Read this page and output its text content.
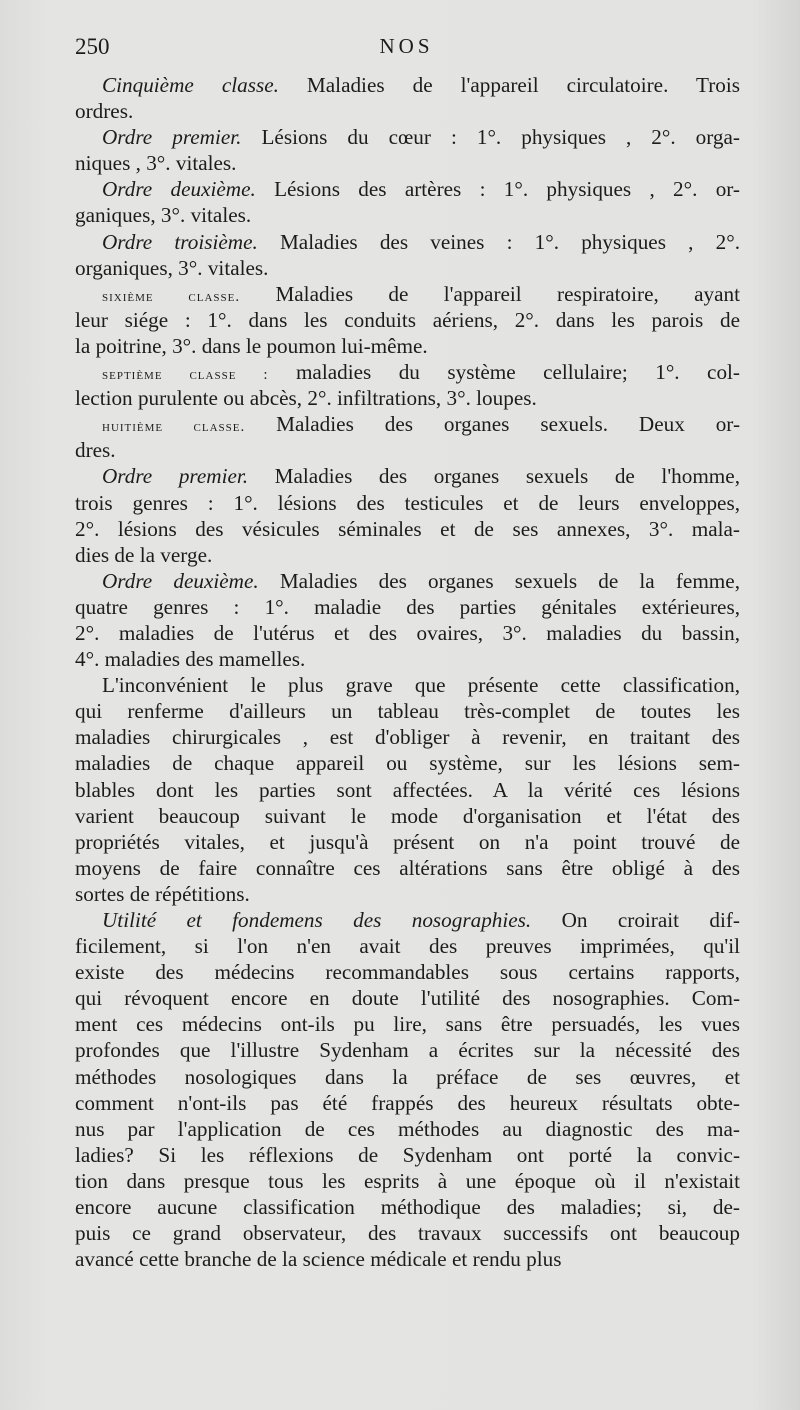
250	NOS
Cinquième classe. Maladies de l'appareil circulatoire. Trois
ordres.
Ordre premier. Lésions du cœur : 1°. physiques , 2°. orga-
niques , 3°. vitales.
Ordre deuxième. Lésions des artères : 1°. physiques , 2°. or-
ganiques, 3°. vitales.
Ordre troisième. Maladies des veines : 1°. physiques , 2°.
organiques, 3°. vitales.
sixième classe. Maladies de l'appareil respiratoire, ayant
leur siége : 1°. dans les conduits aériens, 2°. dans les parois de
la poitrine, 3°. dans le poumon lui-même.
septième classe : maladies du système cellulaire; 1°. col-
lection purulente ou abcès, 2°. infiltrations, 3°. loupes.
huitième classe. Maladies des organes sexuels. Deux or-
dres.
Ordre premier. Maladies des organes sexuels de l'homme,
trois genres : 1°. lésions des testicules et de leurs enveloppes,
2°. lésions des vésicules séminales et de ses annexes, 3°. mala-
dies de la verge.
Ordre deuxième. Maladies des organes sexuels de la femme,
quatre genres : 1°. maladie des parties génitales extérieures,
2°. maladies de l'utérus et des ovaires, 3°. maladies du bassin,
4°. maladies des mamelles.
L'inconvénient le plus grave que présente cette classification,
qui renferme d'ailleurs un tableau très-complet de toutes les
maladies chirurgicales , est d'obliger à revenir, en traitant des
maladies de chaque appareil ou système, sur les lésions sem-
blables dont les parties sont affectées. A la vérité ces lésions
varient beaucoup suivant le mode d'organisation et l'état des
propriétés vitales, et jusqu'à présent on n'a point trouvé de
moyens de faire connaître ces altérations sans être obligé à des
sortes de répétitions.
Utilité et fondemens des nosographies. On croirait dif-
ficilement, si l'on n'en avait des preuves imprimées, qu'il
existe des médecins recommandables sous certains rapports,
qui révoquent encore en doute l'utilité des nosographies. Com-
ment ces médecins ont-ils pu lire, sans être persuadés, les vues
profondes que l'illustre Sydenham a écrites sur la nécessité des
méthodes nosologiques dans la préface de ses œuvres, et
comment n'ont-ils pas été frappés des heureux résultats obte-
nus par l'application de ces méthodes au diagnostic des ma-
ladies? Si les réflexions de Sydenham ont porté la convic-
tion dans presque tous les esprits à une époque où il n'existait
encore aucune classification méthodique des maladies; si, de-
puis ce grand observateur, des travaux successifs ont beaucoup
avancé cette branche de la science médicale et rendu plus
